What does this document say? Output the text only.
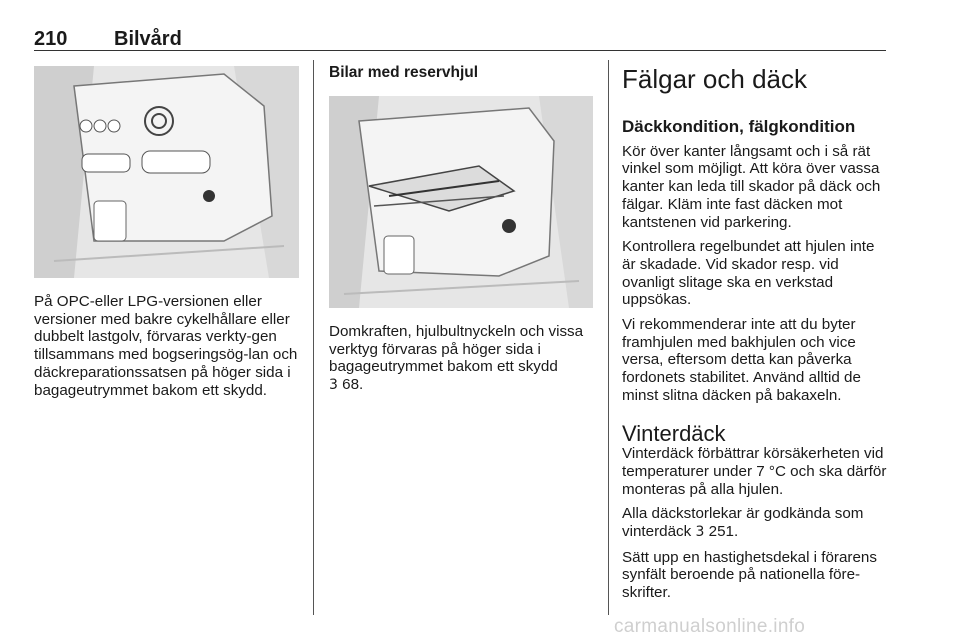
210 Bilvård

På OPC-eller LPG-versionen eller versioner med bakre cykelhållare eller dubbelt lastgolv, förvaras verkty-gen tillsammans med bogseringsög-lan och däckreparationssatsen på höger sida i bagageutrymmet bakom ett skydd.

Bilar med reservhjul

Domkraften, hjulbultnyckeln och vissa verktyg förvaras på höger sida i bagageutrymmet bakom ett skydd
3 68.

Fälgar och däck

Däckkondition, fälgkondition

Kör över kanter långsamt och i så rät vinkel som möjligt. Att köra över vassa kanter kan leda till skador på däck och fälgar. Kläm inte fast däcken mot kantstenen vid parkering.

Kontrollera regelbundet att hjulen inte är skadade. Vid skador resp. vid ovanligt slitage ska en verkstad uppsökas.

Vi rekommenderar inte att du byter framhjulen med bakhjulen och vice versa, eftersom detta kan påverka fordonets stabilitet. Använd alltid de minst slitna däcken på bakaxeln.

Vinterdäck

Vinterdäck förbättrar körsäkerheten vid temperaturer under 7 °C och ska därför monteras på alla hjulen.

Alla däckstorlekar är godkända som vinterdäck 3 251.

Sätt upp en hastighetsdekal i förarens synfält beroende på nationella före-skrifter.

carmanualsonline.info
